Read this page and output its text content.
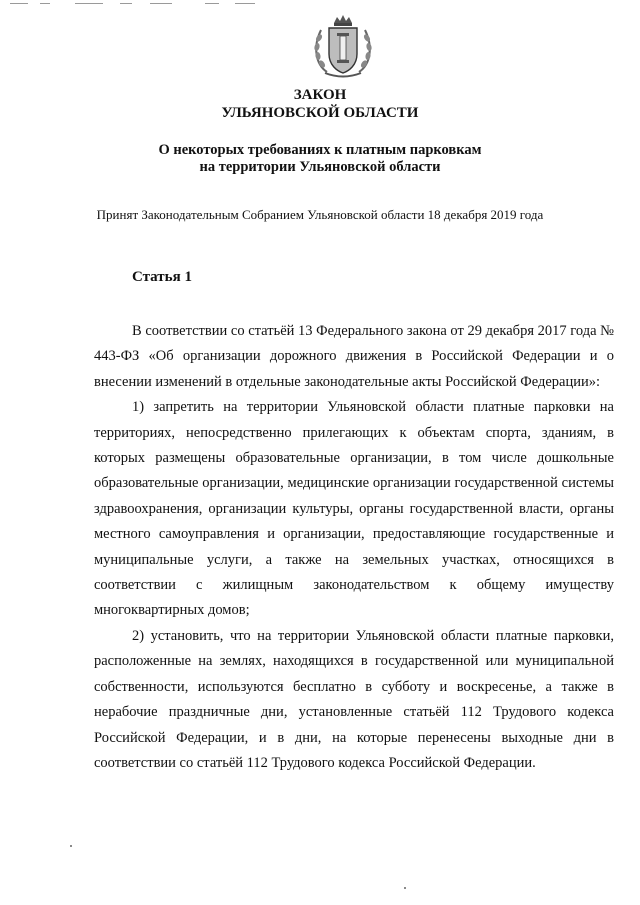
ЗАКОН
УЛЬЯНОВСКОЙ ОБЛАСТИ
О некоторых требованиях к платным парковкам
на территории Ульяновской области
Принят Законодательным Собранием Ульяновской области 18 декабря 2019 года
Статья 1

В соответствии со статьёй 13 Федерального закона от 29 декабря 2017 года № 443-ФЗ «Об организации дорожного движения в Российской Федерации и о внесении изменений в отдельные законодательные акты Российской Федерации»:

1) запретить на территории Ульяновской области платные парковки на территориях, непосредственно прилегающих к объектам спорта, зданиям, в которых размещены образовательные организации, в том числе дошкольные образовательные организации, медицинские организации государственной системы здравоохранения, организации культуры, органы государственной власти, органы местного самоуправления и организации, предоставляющие государственные и муниципальные услуги, а также на земельных участках, относящихся в соответствии с жилищным законодательством к общему имуществу многоквартирных домов;

2) установить, что на территории Ульяновской области платные парковки, расположенные на землях, находящихся в государственной или муниципальной собственности, используются бесплатно в субботу и воскресенье, а также в нерабочие праздничные дни, установленные статьёй 112 Трудового кодекса Российской Федерации, и в дни, на которые перенесены выходные дни в соответствии со статьёй 112 Трудового кодекса Российской Федерации.
